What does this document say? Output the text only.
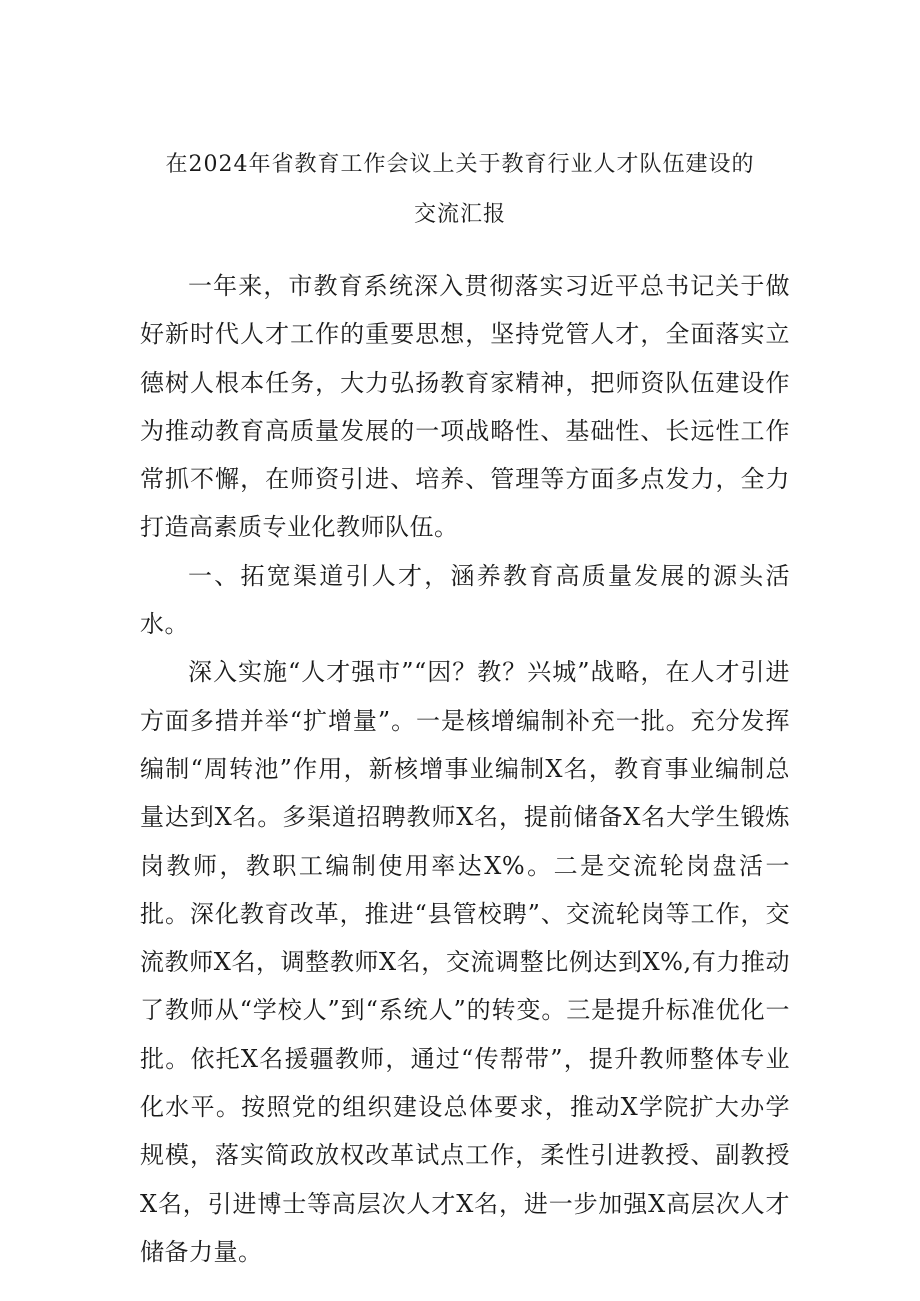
在2024年省教育工作会议上关于教育行业人才队伍建设的
交流汇报

一年来，市教育系统深入贯彻落实习近平总书记关于做好新时代人才工作的重要思想，坚持党管人才，全面落实立德树人根本任务，大力弘扬教育家精神，把师资队伍建设作为推动教育高质量发展的一项战略性、基础性、长远性工作常抓不懈，在师资引进、培养、管理等方面多点发力，全力打造高素质专业化教师队伍。

一、拓宽渠道引人才，涵养教育高质量发展的源头活水。

深入实施“人才强市”“因？教？兴城”战略，在人才引进方面多措并举“扩增量”。一是核增编制补充一批。充分发挥编制“周转池”作用，新核增事业编制X名，教育事业编制总量达到X名。多渠道招聘教师X名，提前储备X名大学生锻炼岗教师，教职工编制使用率达X%。二是交流轮岗盘活一批。深化教育改革，推进“县管校聘”、交流轮岗等工作，交流教师X名，调整教师X名，交流调整比例达到X%,有力推动了教师从“学校人”到“系统人”的转变。三是提升标准优化一批。依托X名援疆教师，通过“传帮带”，提升教师整体专业化水平。按照党的组织建设总体要求，推动X学院扩大办学规模，落实简政放权改革试点工作，柔性引进教授、副教授X名，引进博士等高层次人才X名，进一步加强X高层次人才储备力量。
